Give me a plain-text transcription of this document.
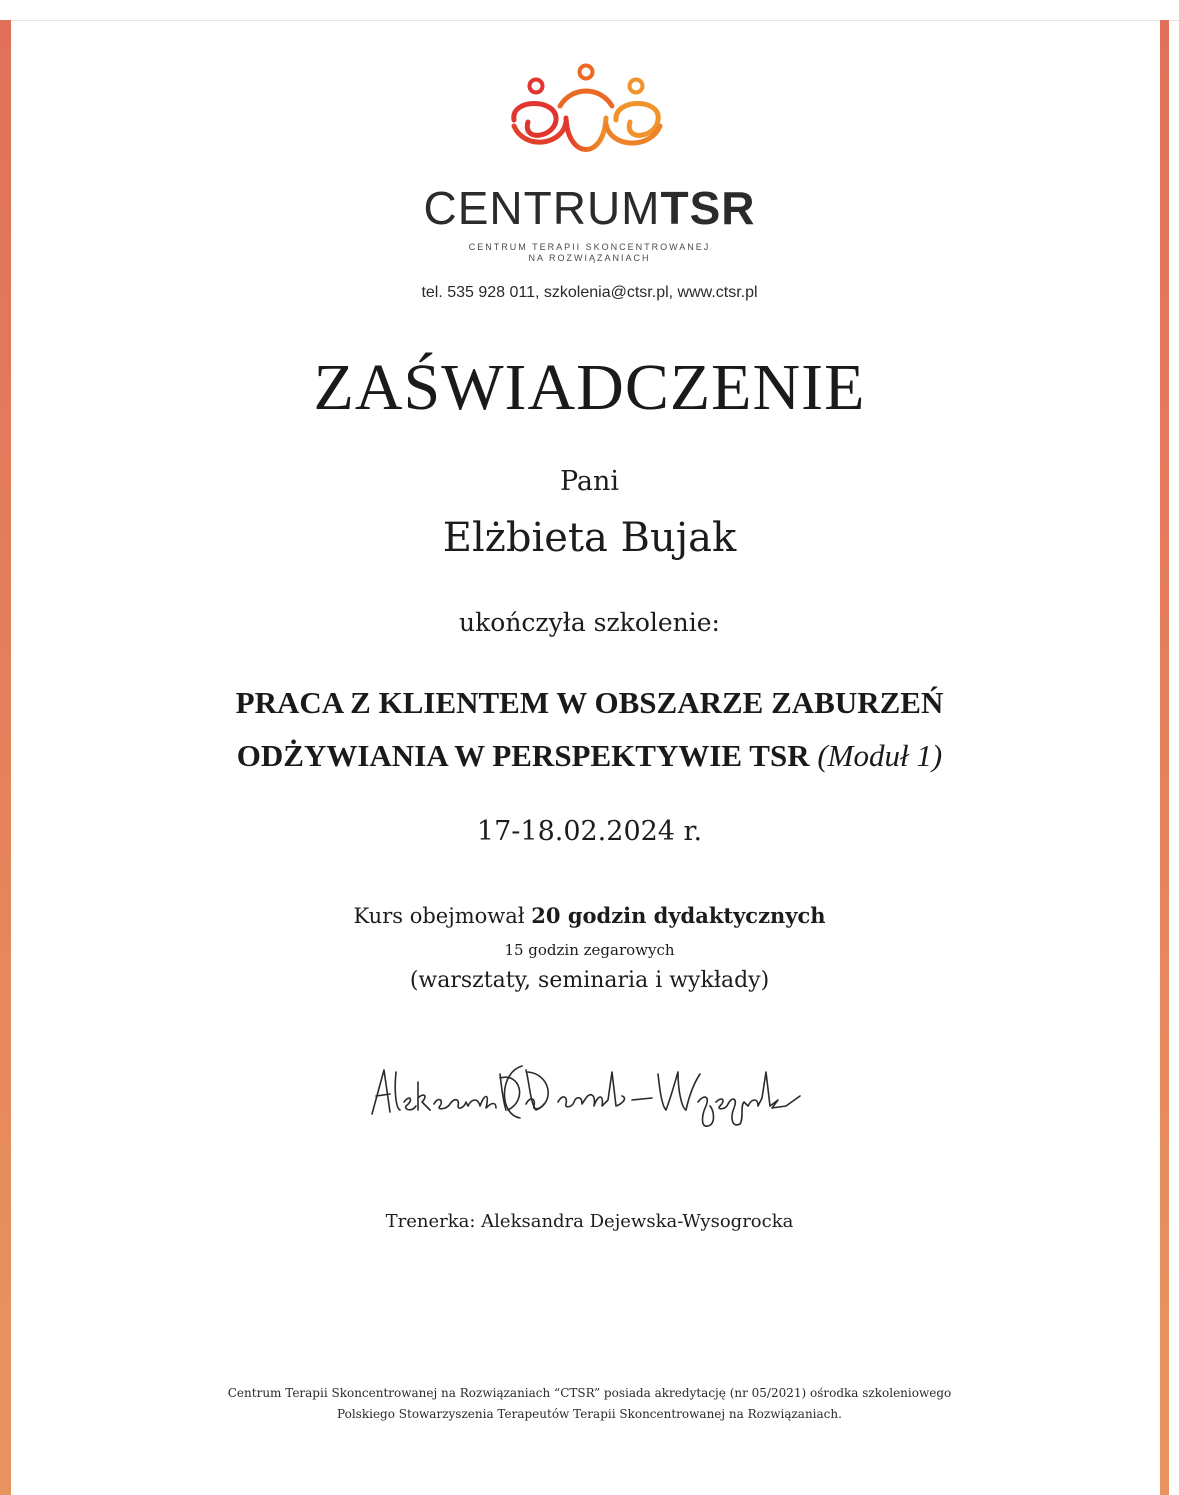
CENTRUMTSR
CENTRUM TERAPII SKONCENTROWANEJ
NA ROZWIĄZANIACH
tel. 535 928 011, szkolenia@ctsr.pl, www.ctsr.pl
ZAŚWIADCZENIE
Pani
Elżbieta Bujak
ukończyła szkolenie:
PRACA Z KLIENTEM W OBSZARZE ZABURZEŃ
ODŻYWIANIA W PERSPEKTYWIE TSR (Moduł 1)
17-18.02.2024 r.
Kurs obejmował 20 godzin dydaktycznych
15 godzin zegarowych
(warsztaty, seminaria i wykłady)
Trenerka: Aleksandra Dejewska-Wysogrocka
Centrum Terapii Skoncentrowanej na Rozwiązaniach “CTSR” posiada akredytację (nr 05/2021) ośrodka szkoleniowego
Polskiego Stowarzyszenia Terapeutów Terapii Skoncentrowanej na Rozwiązaniach.
